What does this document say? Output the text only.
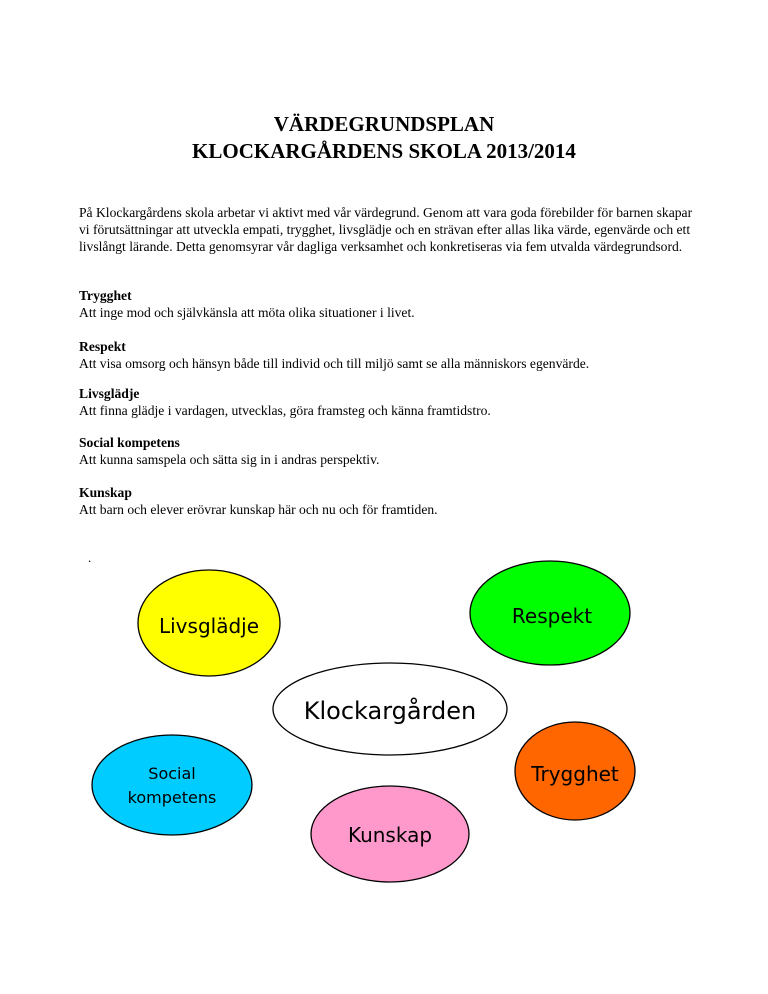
VÄRDEGRUNDSPLAN
KLOCKARGÅRDENS SKOLA 2013/2014

På Klockargårdens skola arbetar vi aktivt med vår värdegrund. Genom att vara goda förebilder för barnen skapar vi förutsättningar att utveckla empati, trygghet, livsglädje och en strävan efter allas lika värde, egenvärde och ett livslångt lärande. Detta genomsyrar vår dagliga verksamhet och konkretiseras via fem utvalda värdegrundsord.

Trygghet
Att inge mod och självkänsla att möta olika situationer i livet.
Respekt
Att visa omsorg och hänsyn både till individ och till miljö samt se alla människors egenvärde.
Livsglädje
Att finna glädje i vardagen, utvecklas, göra framsteg och känna framtidstro.
Social kompetens
Att kunna samspela och sätta sig in i andras perspektiv.
Kunskap
Att barn och elever erövrar kunskap här och nu och för framtiden.
.
Livsglädje	Respekt
Klockargården
Trygghet
Social
kompetens
Kunskap
